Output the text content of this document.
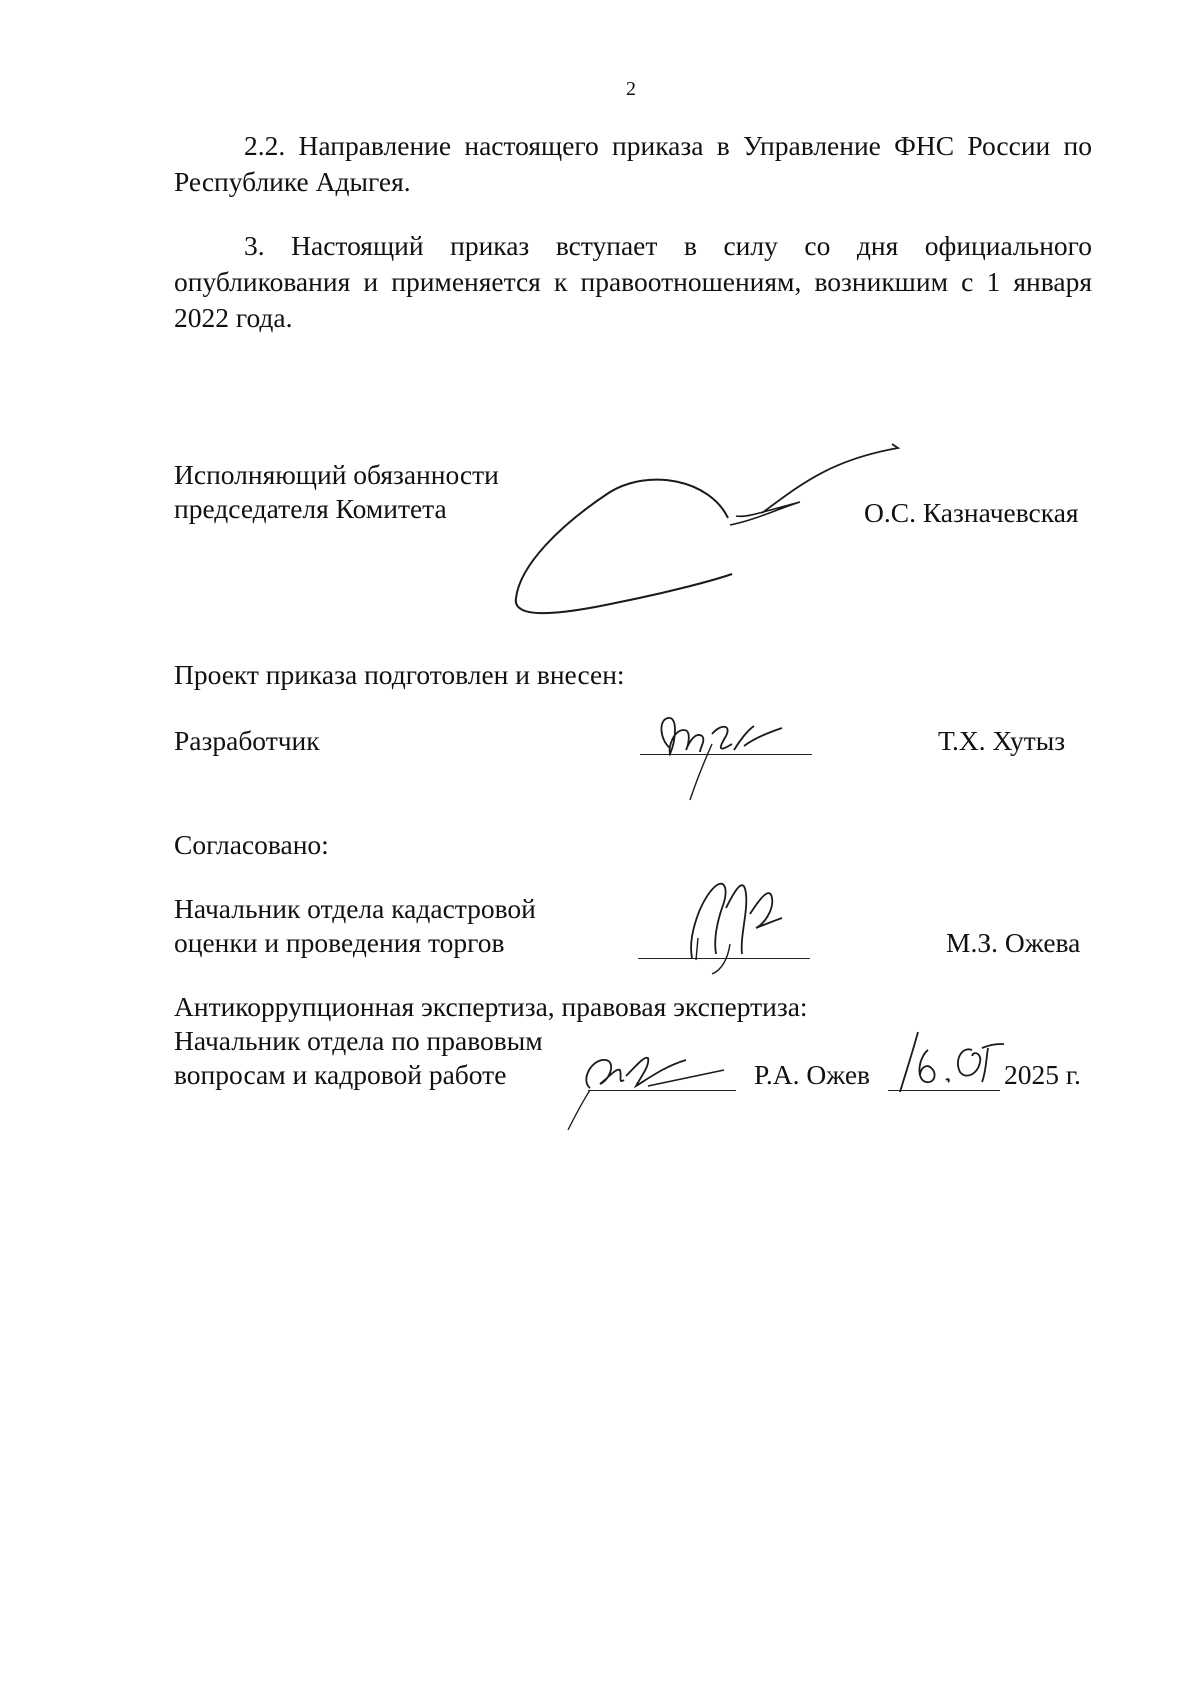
2

2.2. Направление настоящего приказа в Управление ФНС России по Республике Адыгея.

3. Настоящий приказ вступает в силу со дня официального опубликования и применяется к правоотношениям, возникшим с 1 января 2022 года.

Исполняющий обязанности
председателя Комитета	О.С. Казначевская
Проект приказа подготовлен и внесен:
Разработчик	Т.Х. Хутыз
Согласовано:
Начальник отдела кадастровой
оценки и проведения торгов	М.З. Ожева
Антикоррупционная экспертиза, правовая экспертиза:
Начальник отдела по правовым
вопросам и кадровой работе	Р.А. Ожев	2025 г.
